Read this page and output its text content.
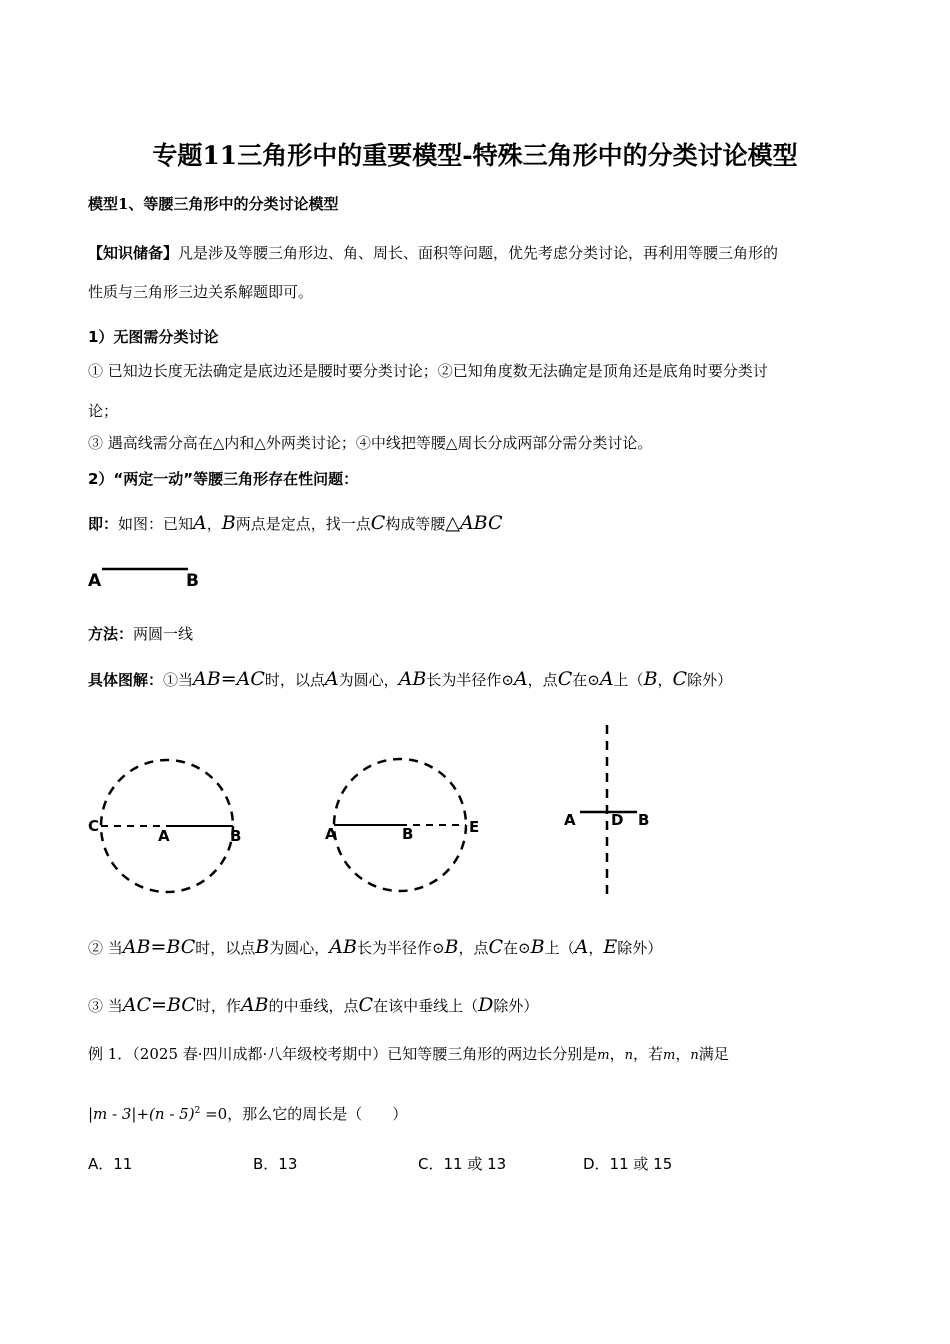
专题11三角形中的重要模型-特殊三角形中的分类讨论模型
模型1、等腰三角形中的分类讨论模型
【知识储备】凡是涉及等腰三角形边、角、周长、面积等问题，优先考虑分类讨论，再利用等腰三角形的
性质与三角形三边关系解题即可。
1）无图需分类讨论
① 已知边长度无法确定是底边还是腰时要分类讨论；②已知角度数无法确定是顶角还是底角时要分类讨
论；
③ 遇高线需分高在△内和△外两类讨论；④中线把等腰△周长分成两部分需分类讨论。
2）“两定一动”等腰三角形存在性问题：
即：如图：已知A，B两点是定点，找一点C构成等腰△ABC
A	B
方法：两圆一线
具体图解：①当AB=AC时，以点A为圆心，AB长为半径作⊙A，点C在⊙A上（B，C除外）
C
A	B	A	B	E	A D B
② 当AB=BC时，以点B为圆心，AB长为半径作⊙B，点C在⊙B上（A，E除外）
③ 当AC=BC时，作AB的中垂线，点C在该中垂线上（D除外）
例 1．（2025 春·四川成都·八年级校考期中）已知等腰三角形的两边长分别是m，n，若m，n满足
|m - 3|+(n - 5)$^2$ =0，那么它的周长是（　　）
A．11	B．13	C．11 或 13	D．11 或 15
